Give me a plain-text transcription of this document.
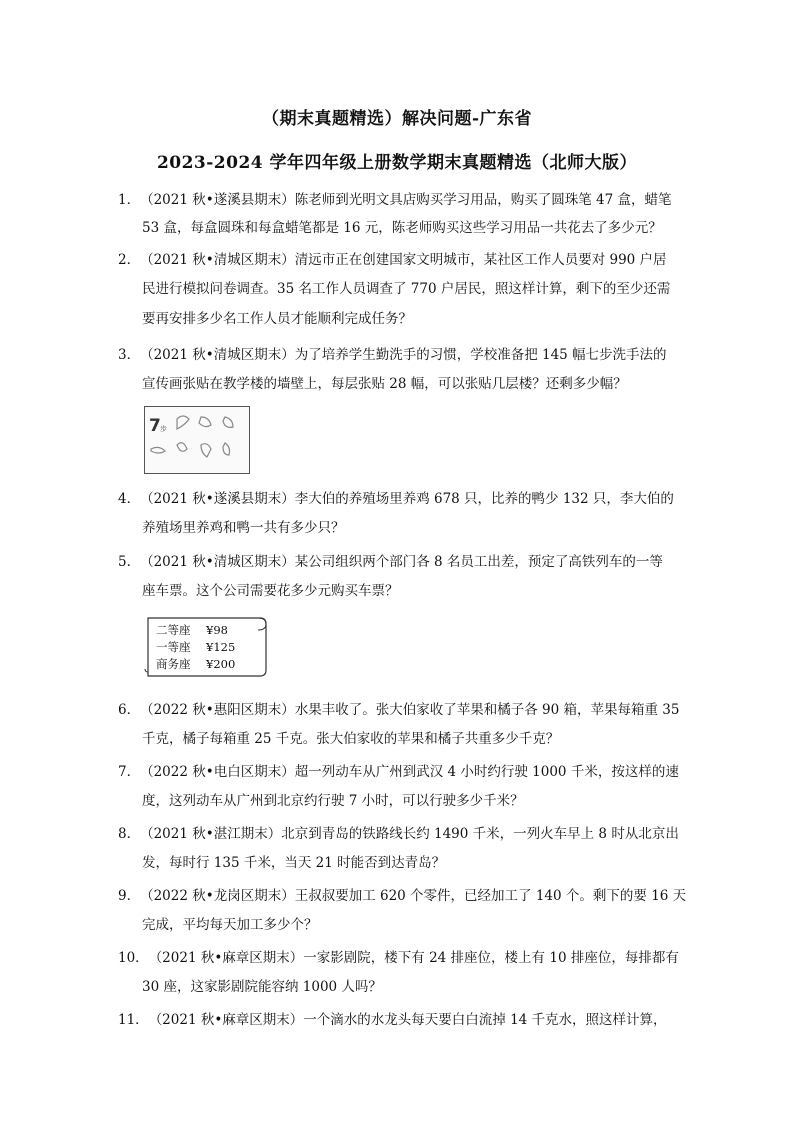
（期末真题精选）解决问题-广东省
2023-2024 学年四年级上册数学期末真题精选（北师大版）
1．（2021 秋•遂溪县期末）陈老师到光明文具店购买学习用品，购买了圆珠笔 47 盒，蜡笔
53 盒，每盒圆珠和每盒蜡笔都是 16 元，陈老师购买这些学习用品一共花去了多少元？
2．（2021 秋•清城区期末）清远市正在创建国家文明城市，某社区工作人员要对 990 户居
民进行模拟问卷调查。35 名工作人员调查了 770 户居民，照这样计算，剩下的至少还需
要再安排多少名工作人员才能顺利完成任务？
3．（2021 秋•清城区期末）为了培养学生勤洗手的习惯，学校准备把 145 幅七步洗手法的
宣传画张贴在教学楼的墙壁上，每层张贴 28 幅，可以张贴几层楼？还剩多少幅？
7 步
4．（2021 秋•遂溪县期末）李大伯的养殖场里养鸡 678 只，比养的鸭少 132 只，李大伯的
养殖场里养鸡和鸭一共有多少只？
5．（2021 秋•清城区期末）某公司组织两个部门各 8 名员工出差，预定了高铁列车的一等
座车票。这个公司需要花多少元购买车票？
二等座 ¥98
一等座 ¥125
商务座 ¥200
6．（2022 秋•惠阳区期末）水果丰收了。张大伯家收了苹果和橘子各 90 箱，苹果每箱重 35
千克，橘子每箱重 25 千克。张大伯家收的苹果和橘子共重多少千克？
7．（2022 秋•电白区期末）超一列动车从广州到武汉 4 小时约行驶 1000 千米，按这样的速
度，这列动车从广州到北京约行驶 7 小时，可以行驶多少千米？
8．（2021 秋•湛江期末）北京到青岛的铁路线长约 1490 千米，一列火车早上 8 时从北京出
发，每时行 135 千米，当天 21 时能否到达青岛？
9．（2022 秋•龙岗区期末）王叔叔要加工 620 个零件，已经加工了 140 个。剩下的要 16 天
完成，平均每天加工多少个？
10．（2021 秋•麻章区期末）一家影剧院，楼下有 24 排座位，楼上有 10 排座位，每排都有
30 座，这家影剧院能容纳 1000 人吗？
11．（2021 秋•麻章区期末）一个滴水的水龙头每天要白白流掉 14 千克水，照这样计算，
